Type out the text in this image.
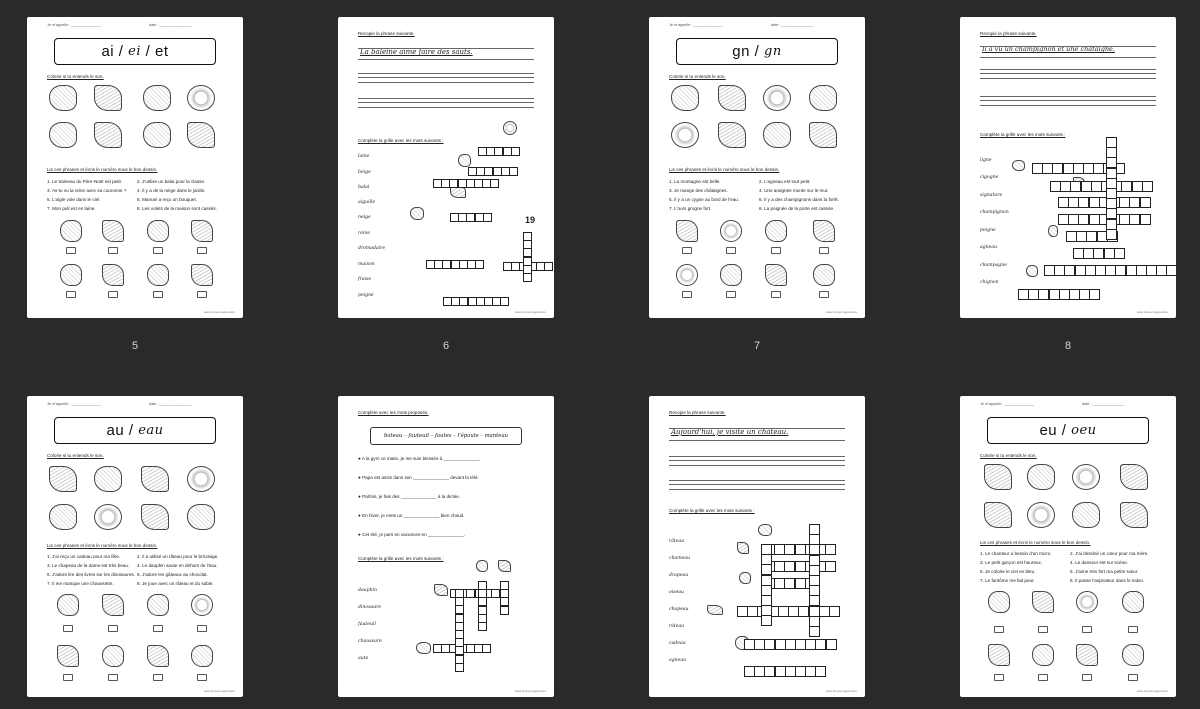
Je m'appelle : ______________	date : _______________
ai / ei / et
Colorie si tu entends le son.
Lis ces phrases et écris le numéro sous le bon dessin.
1. Le traineau du Père-Noël est petit.	2. J'utilise un balai pour la classe.
3. As-tu vu la reine avec sa couronne ? 4. Il y a de la neige dans le jardin.
5. L'aigle vole dans le ciel.	6. Maman a reçu un bouquet.
7. Mon pull est en laine.	8. Les volets de la maison sont cassés.
www.tit-pour-apprendre
5
Recopie la phrase suivante.
La baleine aime faire des sauts.
Complète la grille avec les mots suivants :
laine
beige
balai
aiguille
neige
reine
dromadaire
maison
fraise
peigne
19
www.tit-pour-apprendre
6
Je m'appelle : ______________	date : _______________
gn / gn
Colorie si tu entends le son.
Lis ces phrases et écris le numéro sous le bon dessin.
1. La montagne est belle.	2. L'agneau est tout petit.
3. Je mange des châtaignes.	4. Une araignée monte sur le mur.
5. Il y a un cygne au bord de l'eau.	6. Il y a des champignons dans la forêt.
7. L'ours grogne fort.	8. La poignée de la porte est cassée.
www.tit-pour-apprendre
7
Recopie la phrase suivante.
Il a vu un champignon et une châtaigne.
Complète la grille avec les mots suivants :
ligne
cigogne
signature
champignon
peigne
agneau
champagne
chignon
www.tit-pour-apprendre
8
Je m'appelle : ______________	date : _______________
au / eau
Colorie si tu entends le son.
Lis ces phrases et écris le numéro sous le bon dessin.
1. J'ai reçu un cadeau pour ma fête.	2. Il a utilisé un râteau pour le bricolage.
3. Le chapeau de la dame est très beau. 4. Le dauphin saute en dehors de l'eau.
5. J'adore lire des livres sur les dinosaures. 6. J'adore les gâteaux au chocolat.
7. Il me manque une chaussette.	8. Je joue avec un râteau et du sable.
www.tit-pour-apprendre
Complète avec les mots proposés.
bateau – fauteuil – fautes – l'épaule – manteau
● A la gym ce matin, je me suis blessée à ______________.
● Papa est assis dans son ______________ devant la télé.
● Parfois, je fais des ______________ à la dictée.
● En hiver, je mets un ______________ bien chaud.
● Cet été, je pars en vacances en ______________.
Complète la grille avec les mots suivants :
dauphin
dinosaure
fauteuil
chaussure
auto
www.tit-pour-apprendre
Recopie la phrase suivante.
Aujourd'hui, je visite un château.
Complète la grille avec les mots suivants :
râteau
chameau
drapeau
oiseau
chapeau
rideau
cadeau
agneau
www.tit-pour-apprendre
Je m'appelle : ______________	date : _______________
eu / oeu
Colorie si tu entends le son.
Lis ces phrases et écris le numéro sous le bon dessin.
1. Le chanteur a besoin d'un micro.	2. J'ai dessiné un cœur pour ma mère.
3. Le petit garçon est heureux.	4. Le danseur est sur scène.
5. Je colorie le ciel en bleu.	6. J'aime très fort ma petite sœur.
7. Le fantôme me fait peur.	8. Il passe l'aspirateur dans le salon.
www.tit-pour-apprendre
